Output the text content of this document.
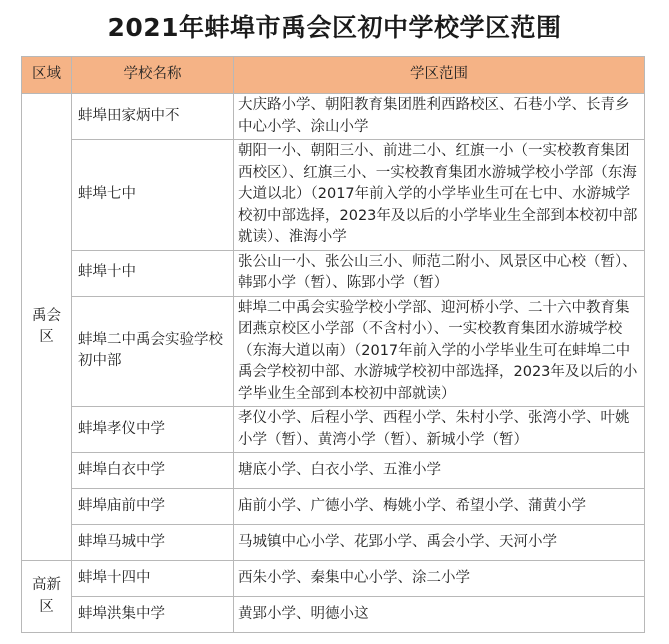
2021年蚌埠市禹会区初中学校学区范围
区域	学校名称	学区范围
禹会区	蚌埠田家炳中不	大庆路小学、朝阳教育集团胜利西路校区、石巷小学、长青乡中心小学、涂山小学
	蚌埠七中	朝阳一小、朝阳三小、前进二小、红旗一小（一实校教育集团西校区）、红旗三小、一实校教育集团水游城学校小学部（东海大道以北）（2017年前入学的小学毕业生可在七中、水游城学校初中部选择，2023年及以后的小学毕业生全部到本校初中部就读）、淮海小学
	蚌埠十中	张公山一小、张公山三小、师范二附小、风景区中心校（暂）、韩郢小学（暂）、陈郢小学（暂）
	蚌埠二中禹会实验学校初中部	蚌埠二中禹会实验学校小学部、迎河桥小学、二十六中教育集团燕京校区小学部（不含村小）、一实校教育集团水游城学校（东海大道以南）（2017年前入学的小学毕业生可在蚌埠二中禹会学校初中部、水游城学校初中部选择，2023年及以后的小学毕业生全部到本校初中部就读）
	蚌埠孝仪中学	孝仪小学、后程小学、西程小学、朱村小学、张湾小学、叶姚小学（暂）、黄湾小学（暂）、新城小学（暂）
	蚌埠白衣中学	塘底小学、白衣小学、五淮小学
	蚌埠庙前中学	庙前小学、广德小学、梅姚小学、希望小学、蒲黄小学
	蚌埠马城中学	马城镇中心小学、花郢小学、禹会小学、天河小学
高新区	蚌埠十四中	西朱小学、秦集中心小学、涂二小学
	蚌埠洪集中学	黄郢小学、明德小这
